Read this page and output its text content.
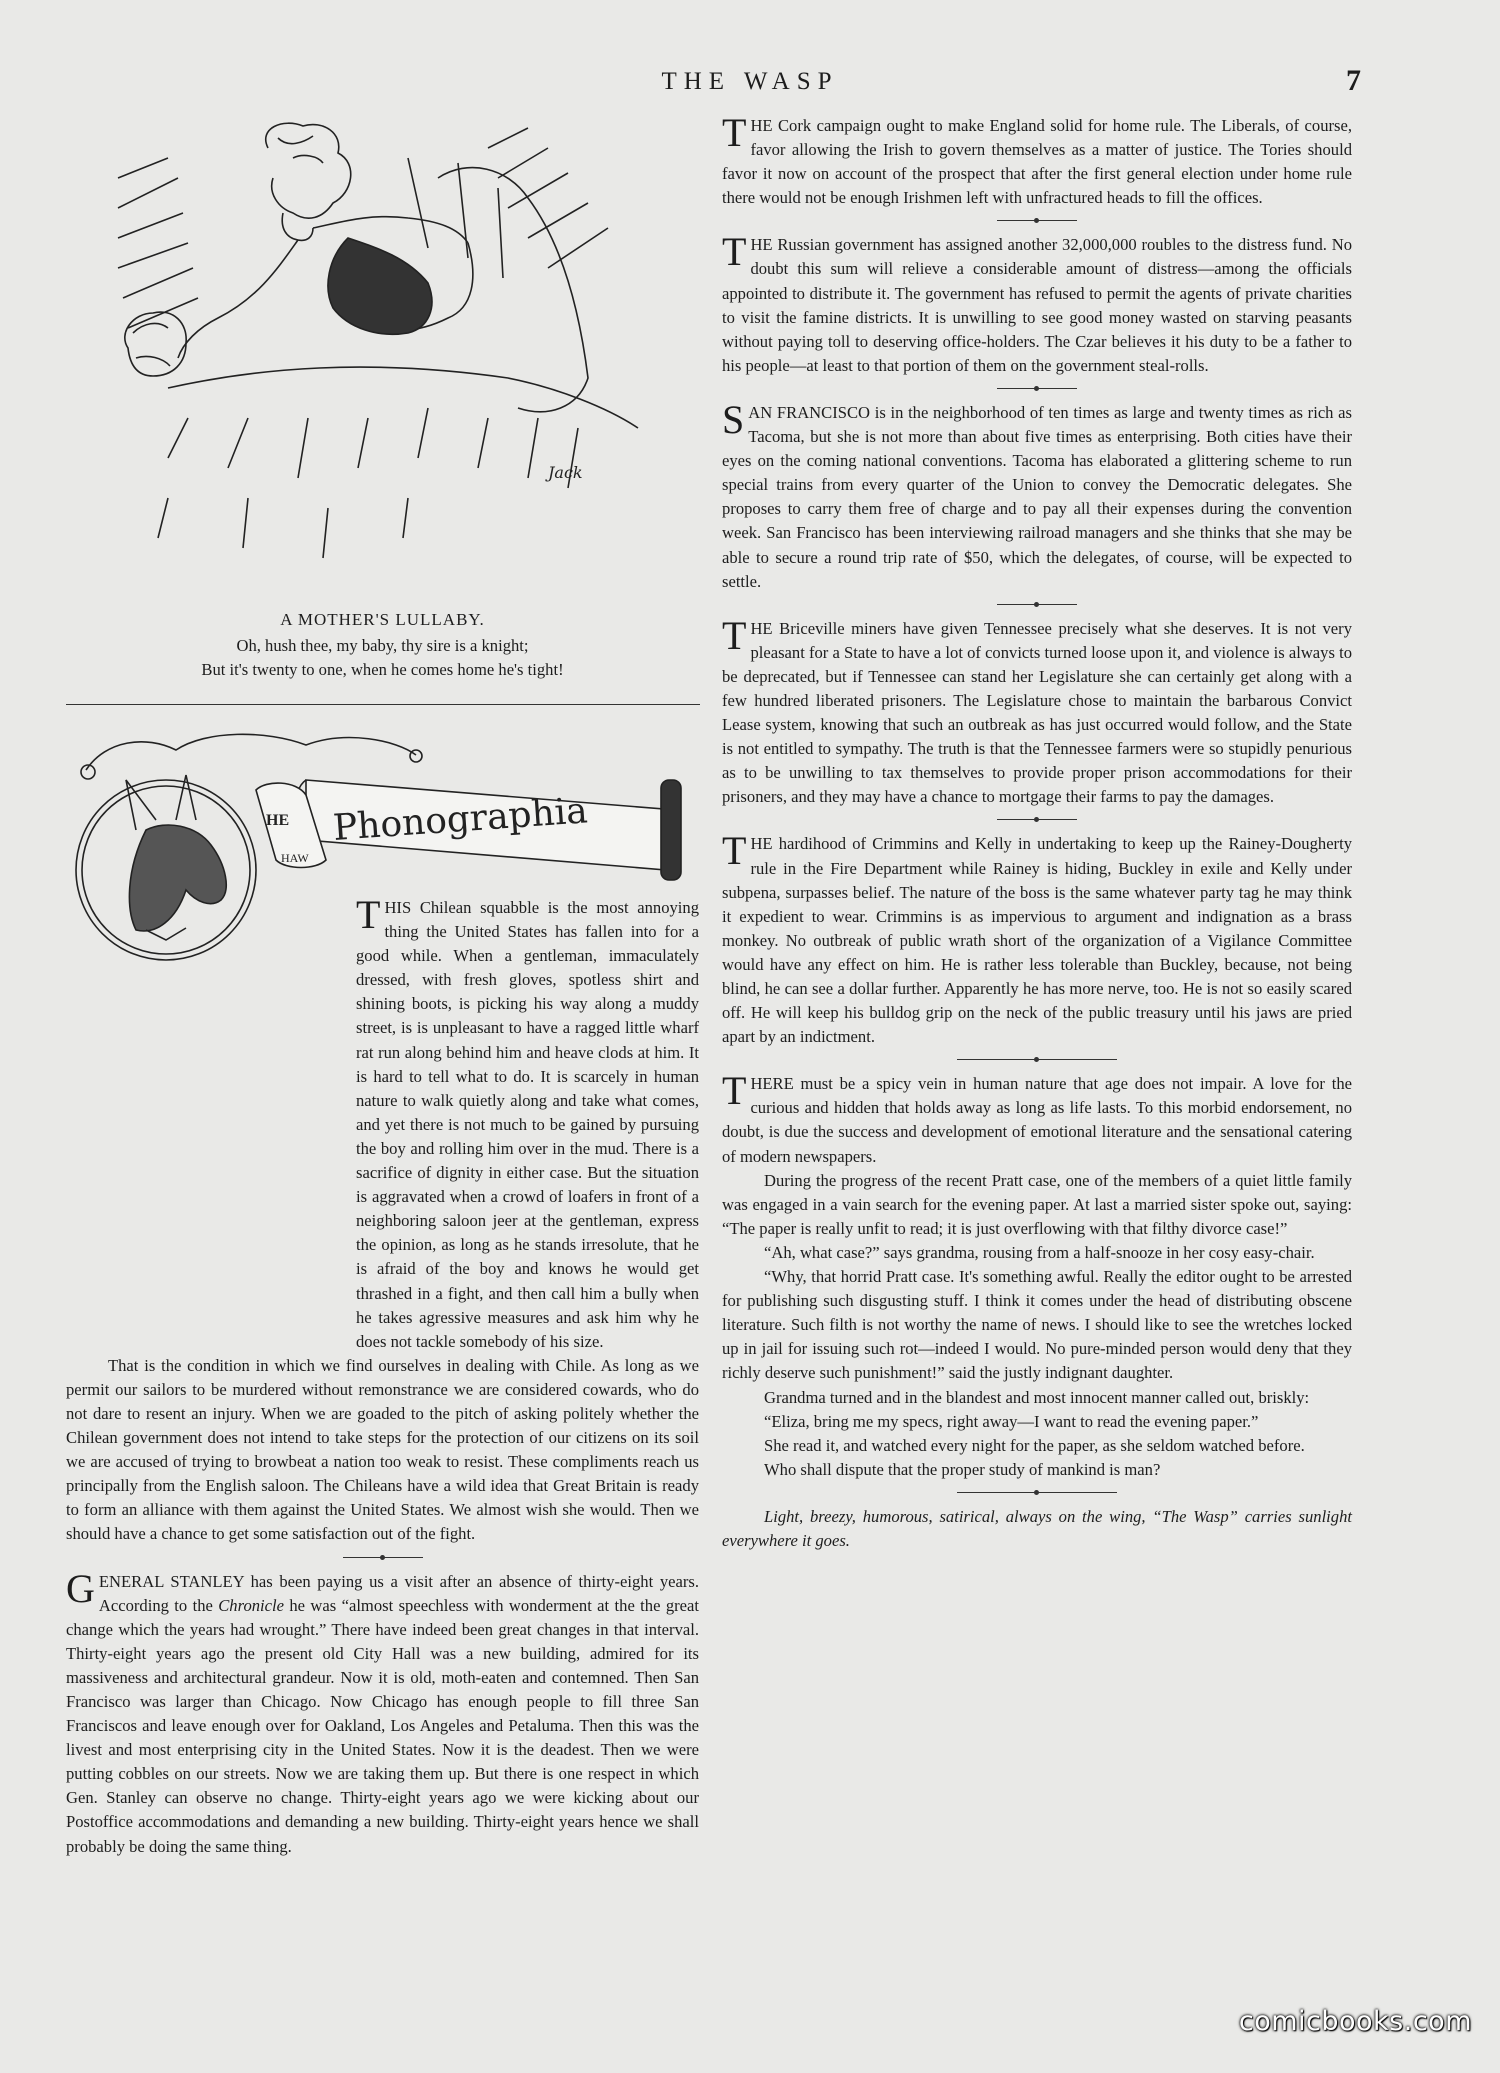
THE WASP	7
Jack
A MOTHER'S LULLABY.
Oh, hush thee, my baby, thy sire is a knight;
But it's twenty to one, when he comes home he's tight!
HE
HAW
Phonographia

THIS Chilean squabble is the most annoying thing the United States has fallen into for a good while. When a gentleman, immaculately dressed, with fresh gloves, spotless shirt and shining boots, is picking his way along a muddy street, is is unpleasant to have a ragged little wharf rat run along behind him and heave clods at him. It is hard to tell what to do. It is scarcely in human nature to walk quietly along and take what comes, and yet there is not much to be gained by pursuing the boy and rolling him over in the mud. There is a sacrifice of dignity in either case. But the situation is aggravated when a crowd of loafers in front of a neighboring saloon jeer at the gentleman, express the opinion, as long as he stands irresolute, that he is afraid of the boy and knows he would get thrashed in a fight, and then call him a bully when he takes agressive measures and ask him why he does not tackle somebody of his size.

That is the condition in which we find ourselves in dealing with Chile. As long as we permit our sailors to be murdered without remonstrance we are considered cowards, who do not dare to resent an injury. When we are goaded to the pitch of asking politely whether the Chilean government does not intend to take steps for the protection of our citizens on its soil we are accused of trying to browbeat a nation too weak to resist. These compliments reach us principally from the English saloon. The Chileans have a wild idea that Great Britain is ready to form an alliance with them against the United States. We almost wish she would. Then we should have a chance to get some satisfaction out of the fight.

GENERAL STANLEY has been paying us a visit after an absence of thirty-eight years. According to the Chronicle he was “almost speechless with wonderment at the the great change which the years had wrought.” There have indeed been great changes in that interval. Thirty-eight years ago the present old City Hall was a new building, admired for its massiveness and architectural grandeur. Now it is old, moth-eaten and contemned. Then San Francisco was larger than Chicago. Now Chicago has enough people to fill three San Franciscos and leave enough over for Oakland, Los Angeles and Petaluma. Then this was the livest and most enterprising city in the United States. Now it is the deadest. Then we were putting cobbles on our streets. Now we are taking them up. But there is one respect in which Gen. Stanley can observe no change. Thirty-eight years ago we were kicking about our Postoffice accommodations and demanding a new building. Thirty-eight years hence we shall probably be doing the same thing.

THE Cork campaign ought to make England solid for home rule. The Liberals, of course, favor allowing the Irish to govern themselves as a matter of justice. The Tories should favor it now on account of the prospect that after the first general election under home rule there would not be enough Irishmen left with unfractured heads to fill the offices.

THE Russian government has assigned another 32,000,000 roubles to the distress fund. No doubt this sum will relieve a considerable amount of distress—among the officials appointed to distribute it. The government has refused to permit the agents of private charities to visit the famine districts. It is unwilling to see good money wasted on starving peasants without paying toll to deserving office-holders. The Czar believes it his duty to be a father to his people—at least to that portion of them on the government steal-rolls.

SAN FRANCISCO is in the neighborhood of ten times as large and twenty times as rich as Tacoma, but she is not more than about five times as enterprising. Both cities have their eyes on the coming national conventions. Tacoma has elaborated a glittering scheme to run special trains from every quarter of the Union to convey the Democratic delegates. She proposes to carry them free of charge and to pay all their expenses during the convention week. San Francisco has been interviewing railroad managers and she thinks that she may be able to secure a round trip rate of $50, which the delegates, of course, will be expected to settle.

THE Briceville miners have given Tennessee precisely what she deserves. It is not very pleasant for a State to have a lot of convicts turned loose upon it, and violence is always to be deprecated, but if Tennessee can stand her Legislature she can certainly get along with a few hundred liberated prisoners. The Legislature chose to maintain the barbarous Convict Lease system, knowing that such an outbreak as has just occurred would follow, and the State is not entitled to sympathy. The truth is that the Tennessee farmers were so stupidly penurious as to be unwilling to tax themselves to provide proper prison accommodations for their prisoners, and they may have a chance to mortgage their farms to pay the damages.

THE hardihood of Crimmins and Kelly in undertaking to keep up the Rainey-Dougherty rule in the Fire Department while Rainey is hiding, Buckley in exile and Kelly under subpena, surpasses belief. The nature of the boss is the same whatever party tag he may think it expedient to wear. Crimmins is as impervious to argument and indignation as a brass monkey. No outbreak of public wrath short of the organization of a Vigilance Committee would have any effect on him. He is rather less tolerable than Buckley, because, not being blind, he can see a dollar further. Apparently he has more nerve, too. He is not so easily scared off. He will keep his bulldog grip on the neck of the public treasury until his jaws are pried apart by an indictment.

THERE must be a spicy vein in human nature that age does not impair. A love for the curious and hidden that holds away as long as life lasts. To this morbid endorsement, no doubt, is due the success and development of emotional literature and the sensational catering of modern newspapers.

During the progress of the recent Pratt case, one of the members of a quiet little family was engaged in a vain search for the evening paper. At last a married sister spoke out, saying: “The paper is really unfit to read; it is just overflowing with that filthy divorce case!”

“Ah, what case?” says grandma, rousing from a half-snooze in her cosy easy-chair.

“Why, that horrid Pratt case. It's something awful. Really the editor ought to be arrested for publishing such disgusting stuff. I think it comes under the head of distributing obscene literature. Such filth is not worthy the name of news. I should like to see the wretches locked up in jail for issuing such rot—indeed I would. No pure-minded person would deny that they richly deserve such punishment!” said the justly indignant daughter.

Grandma turned and in the blandest and most innocent manner called out, briskly:

“Eliza, bring me my specs, right away—I want to read the evening paper.”

She read it, and watched every night for the paper, as she seldom watched before.

Who shall dispute that the proper study of mankind is man?

Light, breezy, humorous, satirical, always on the wing, “The Wasp” carries sunlight everywhere it goes.

comicbooks.com
